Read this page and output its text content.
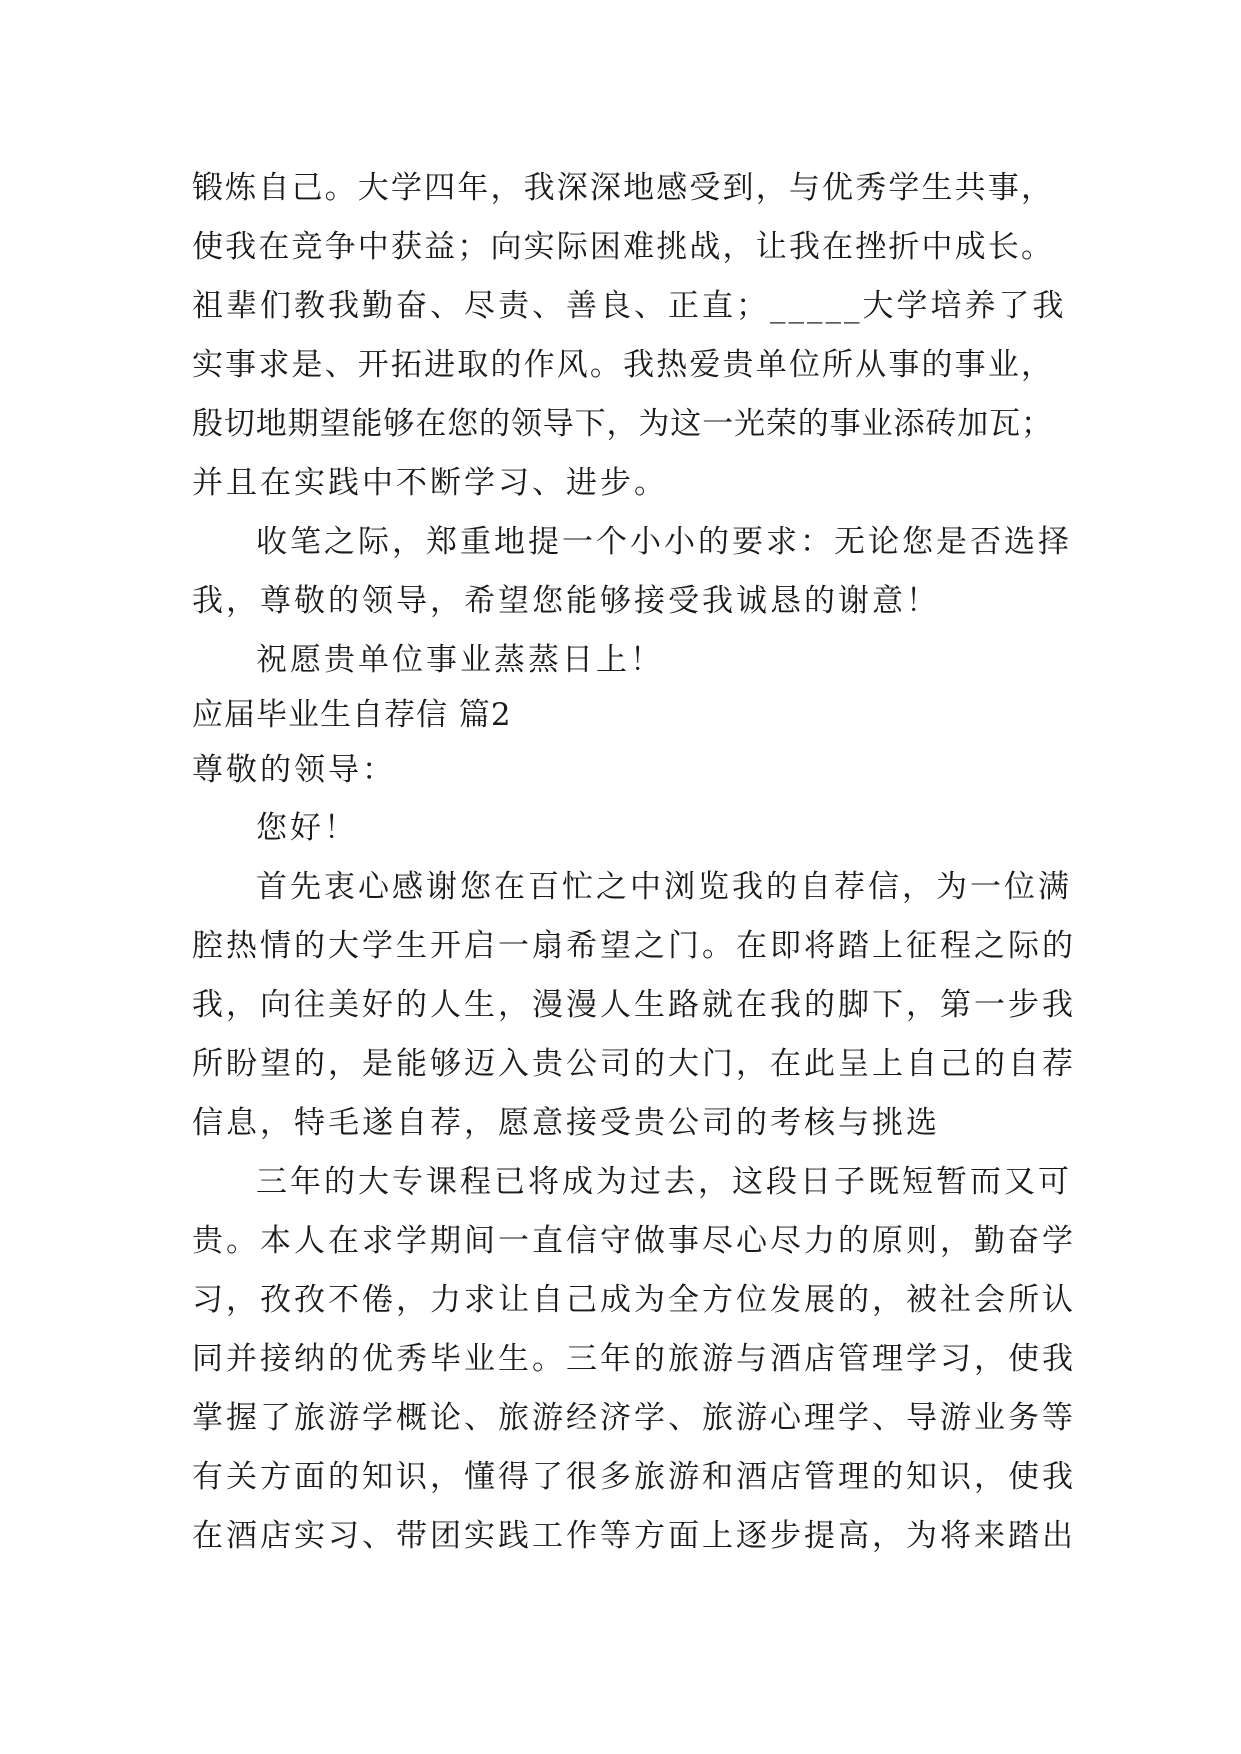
锻炼自己。大学四年，我深深地感受到，与优秀学生共事，
使我在竞争中获益；向实际困难挑战，让我在挫折中成长。
祖辈们教我勤奋、尽责、善良、正直；_____大学培养了我
实事求是、开拓进取的作风。我热爱贵单位所从事的事业，
殷切地期望能够在您的领导下，为这一光荣的事业添砖加瓦；
并且在实践中不断学习、进步。
收笔之际，郑重地提一个小小的要求：无论您是否选择
我，尊敬的领导，希望您能够接受我诚恳的谢意！
祝愿贵单位事业蒸蒸日上！
应届毕业生自荐信 篇2
尊敬的领导：
您好！
首先衷心感谢您在百忙之中浏览我的自荐信，为一位满
腔热情的大学生开启一扇希望之门。在即将踏上征程之际的
我，向往美好的人生，漫漫人生路就在我的脚下，第一步我
所盼望的，是能够迈入贵公司的大门，在此呈上自己的自荐
信息，特毛遂自荐，愿意接受贵公司的考核与挑选
三年的大专课程已将成为过去，这段日子既短暂而又可
贵。本人在求学期间一直信守做事尽心尽力的原则，勤奋学
习，孜孜不倦，力求让自己成为全方位发展的，被社会所认
同并接纳的优秀毕业生。三年的旅游与酒店管理学习，使我
掌握了旅游学概论、旅游经济学、旅游心理学、导游业务等
有关方面的知识，懂得了很多旅游和酒店管理的知识，使我
在酒店实习、带团实践工作等方面上逐步提高，为将来踏出
